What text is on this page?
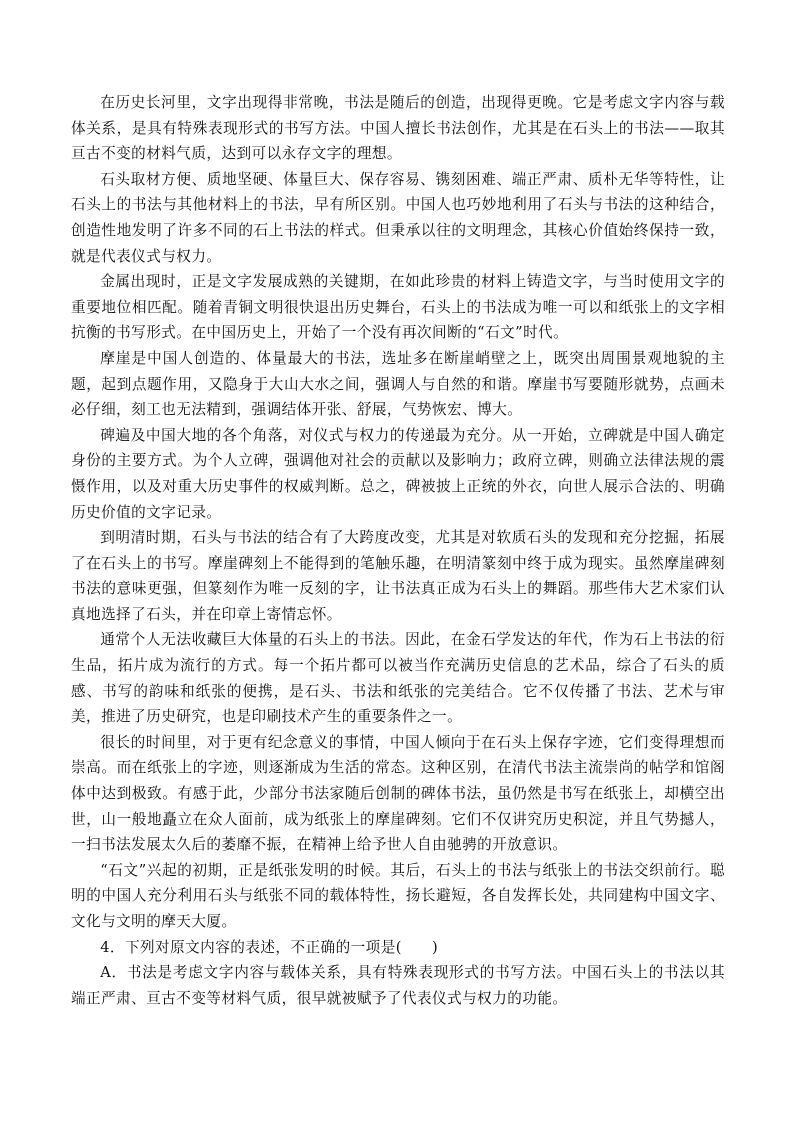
在历史长河里，文字出现得非常晚，书法是随后的创造，出现得更晚。它是考虑文字内容与载体关系，是具有特殊表现形式的书写方法。中国人擅长书法创作，尤其是在石头上的书法——取其亘古不变的材料气质，达到可以永存文字的理想。

石头取材方便、质地坚硬、体量巨大、保存容易、镌刻困难、端正严肃、质朴无华等特性，让石头上的书法与其他材料上的书法，早有所区别。中国人也巧妙地利用了石头与书法的这种结合，创造性地发明了许多不同的石上书法的样式。但秉承以往的文明理念，其核心价值始终保持一致，就是代表仪式与权力。

金属出现时，正是文字发展成熟的关键期，在如此珍贵的材料上铸造文字，与当时使用文字的重要地位相匹配。随着青铜文明很快退出历史舞台，石头上的书法成为唯一可以和纸张上的文字相抗衡的书写形式。在中国历史上，开始了一个没有再次间断的“石文”时代。

摩崖是中国人创造的、体量最大的书法，选址多在断崖峭壁之上，既突出周围景观地貌的主题，起到点题作用，又隐身于大山大水之间，强调人与自然的和谐。摩崖书写要随形就势，点画未必仔细，刻工也无法精到，强调结体开张、舒展，气势恢宏、博大。

碑遍及中国大地的各个角落，对仪式与权力的传递最为充分。从一开始，立碑就是中国人确定身份的主要方式。为个人立碑，强调他对社会的贡献以及影响力；政府立碑，则确立法律法规的震慑作用，以及对重大历史事件的权威判断。总之，碑被披上正统的外衣，向世人展示合法的、明确历史价值的文字记录。

到明清时期，石头与书法的结合有了大跨度改变，尤其是对软质石头的发现和充分挖掘，拓展了在石头上的书写。摩崖碑刻上不能得到的笔触乐趣，在明清篆刻中终于成为现实。虽然摩崖碑刻书法的意味更强，但篆刻作为唯一反刻的字，让书法真正成为石头上的舞蹈。那些伟大艺术家们认真地选择了石头，并在印章上寄情忘怀。

通常个人无法收藏巨大体量的石头上的书法。因此，在金石学发达的年代，作为石上书法的衍生品，拓片成为流行的方式。每一个拓片都可以被当作充满历史信息的艺术品，综合了石头的质感、书写的韵味和纸张的便携，是石头、书法和纸张的完美结合。它不仅传播了书法、艺术与审美，推进了历史研究，也是印刷技术产生的重要条件之一。

很长的时间里，对于更有纪念意义的事情，中国人倾向于在石头上保存字迹，它们变得理想而崇高。而在纸张上的字迹，则逐渐成为生活的常态。这种区别，在清代书法主流崇尚的帖学和馆阁体中达到极致。有感于此，少部分书法家随后创制的碑体书法，虽仍然是书写在纸张上，却横空出世，山一般地矗立在众人面前，成为纸张上的摩崖碑刻。它们不仅讲究历史积淀，并且气势撼人，一扫书法发展太久后的萎靡不振，在精神上给予世人自由驰骋的开放意识。

“石文”兴起的初期，正是纸张发明的时候。其后，石头上的书法与纸张上的书法交织前行。聪明的中国人充分利用石头与纸张不同的载体特性，扬长避短，各自发挥长处，共同建构中国文字、文化与文明的摩天大厦。

4．下列对原文内容的表述，不正确的一项是(　　)

A．书法是考虑文字内容与载体关系，具有特殊表现形式的书写方法。中国石头上的书法以其端正严肃、亘古不变等材料气质，很早就被赋予了代表仪式与权力的功能。
